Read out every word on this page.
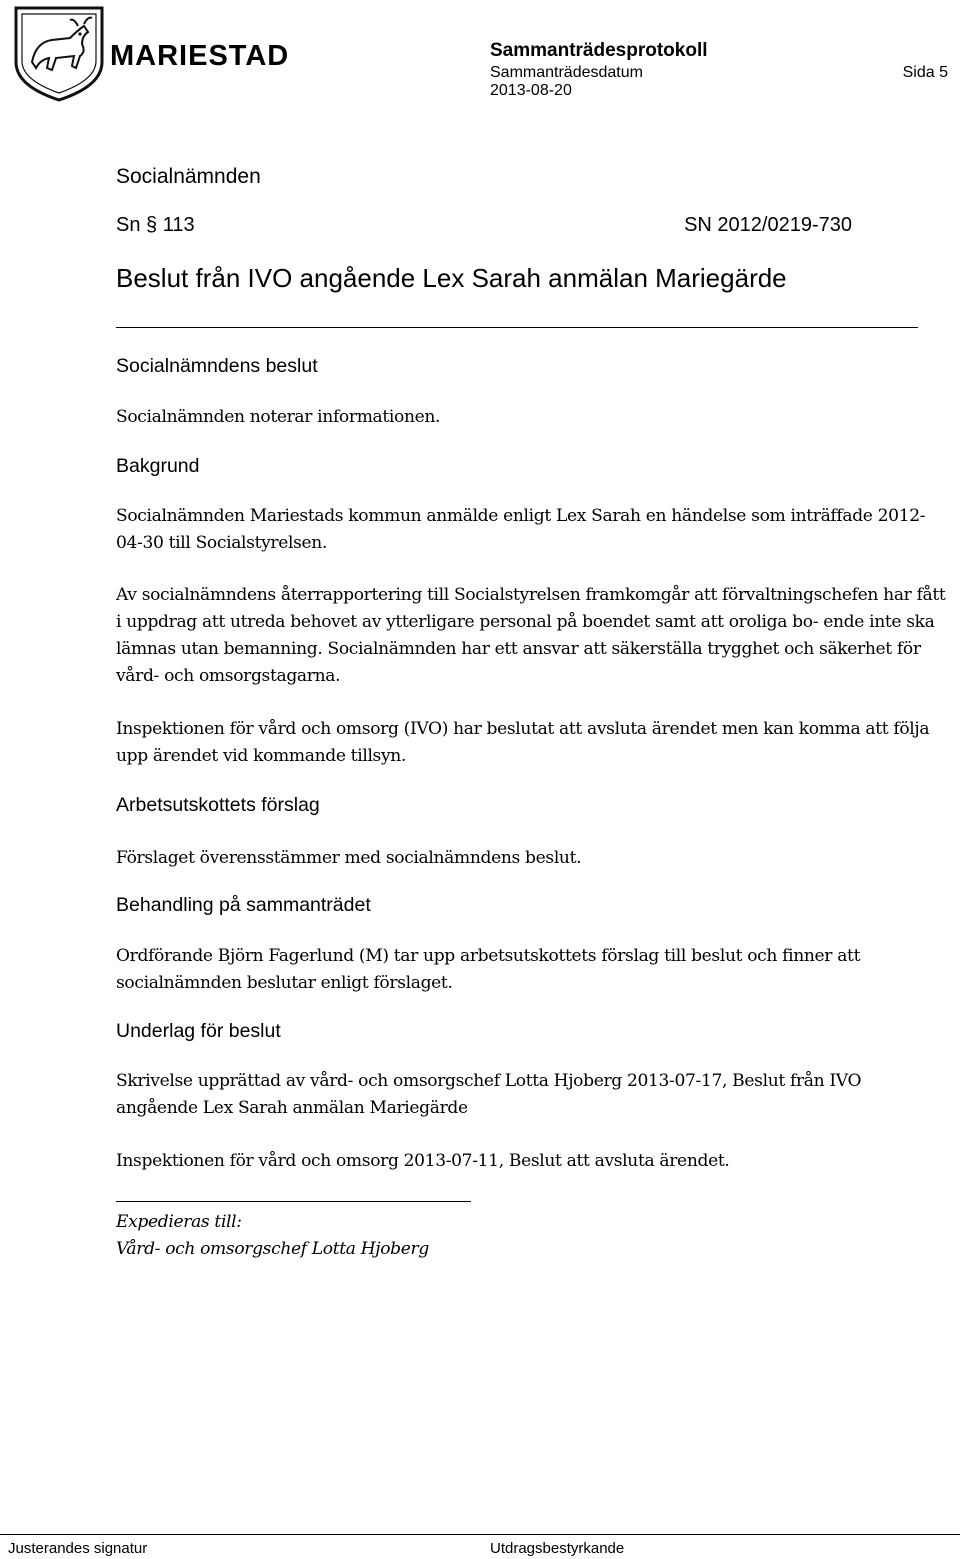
MARIESTAD	Sammanträdesprotokoll
Sammanträdesdatum
2013-08-20
Sida 5
Socialnämnden
Sn § 113	SN 2012/0219-730
Beslut från IVO angående Lex Sarah anmälan Mariegärde
Socialnämndens beslut
Socialnämnden noterar informationen.
Bakgrund
Socialnämnden Mariestads kommun anmälde enligt Lex Sarah en händelse som inträffade 2012-04-30 till Socialstyrelsen.
Av socialnämndens återrapportering till Socialstyrelsen framkomgår att förvaltningschefen har fått i uppdrag att utreda behovet av ytterligare personal på boendet samt att oroliga bo- ende inte ska lämnas utan bemanning. Socialnämnden har ett ansvar att säkerställa trygghet och säkerhet för vård- och omsorgstagarna.
Inspektionen för vård och omsorg (IVO) har beslutat att avsluta ärendet men kan komma att följa upp ärendet vid kommande tillsyn.
Arbetsutskottets förslag
Förslaget överensstämmer med socialnämndens beslut.
Behandling på sammanträdet
Ordförande Björn Fagerlund (M) tar upp arbetsutskottets förslag till beslut och finner att socialnämnden beslutar enligt förslaget.
Underlag för beslut
Skrivelse upprättad av vård- och omsorgschef Lotta Hjoberg 2013-07-17, Beslut från IVO angående Lex Sarah anmälan Mariegärde
Inspektionen för vård och omsorg 2013-07-11, Beslut att avsluta ärendet.
Expedieras till:
Vård- och omsorgschef Lotta Hjoberg
Justerandes signatur	Utdragsbestyrkande
